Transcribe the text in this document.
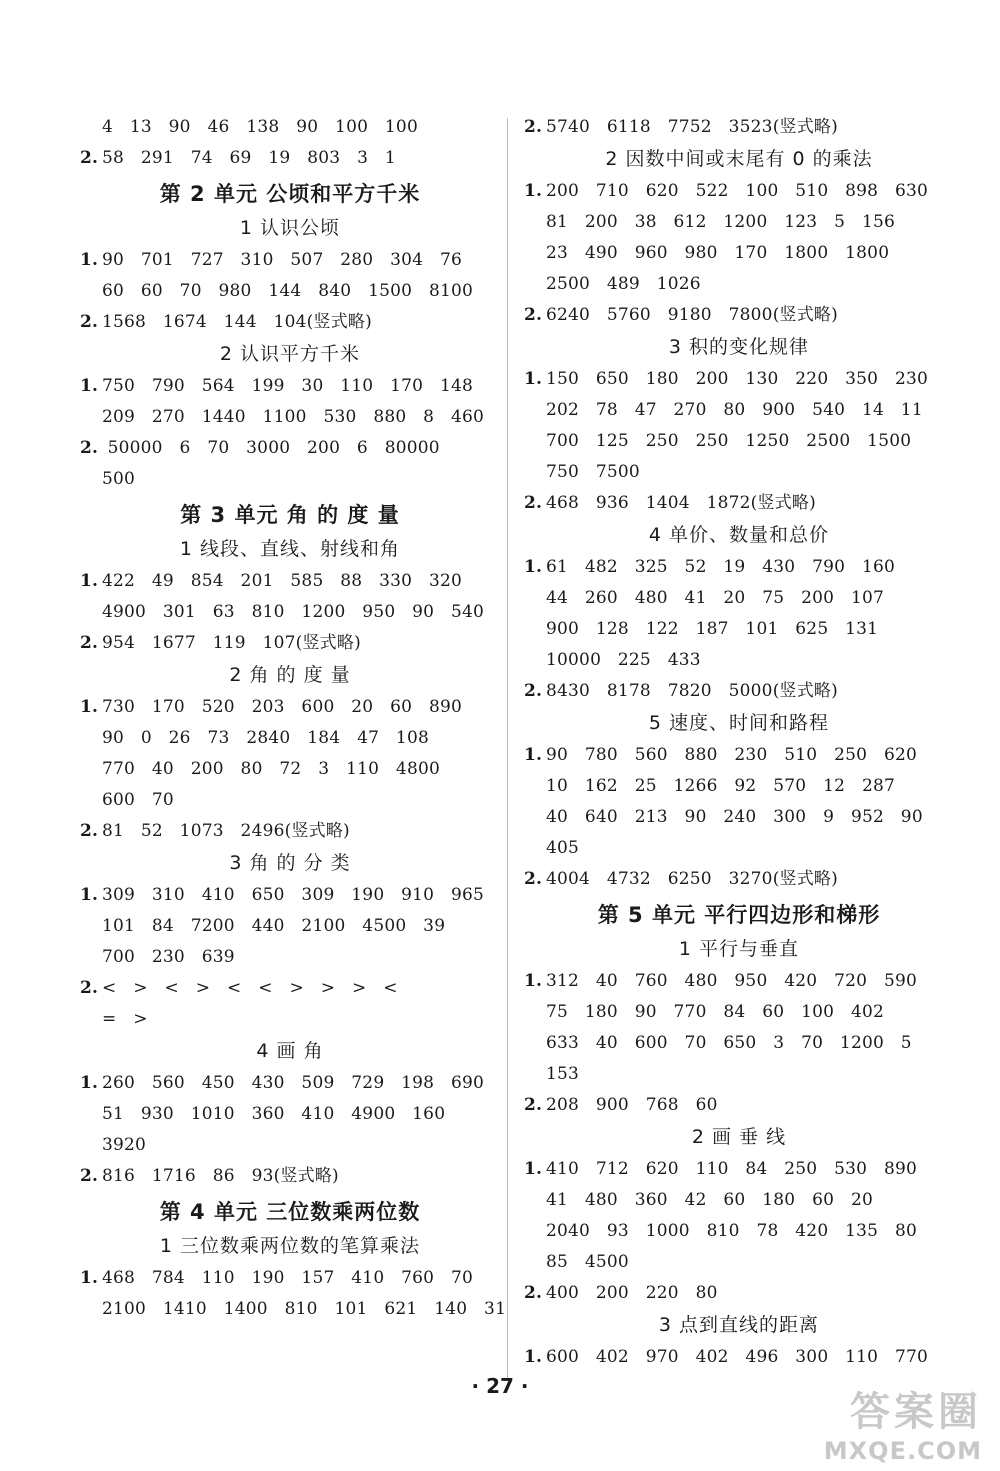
4   13   90   46   138   90   100   100
2. 58   291   74   69   19   803   3   1
第 2 单元 公顷和平方千米
1 认识公顷
1. 90   701   727   310   507   280   304   76
60   60   70   980   144   840   1500   8100
2. 1568   1674   144   104(竖式略)
2 认识平方千米
1. 750   790   564   199   30   110   170   148
209   270   1440   1100   530   880   8   460
2. 50000   6   70   3000   200   6   80000
500
第 3 单元 角 的 度 量
1 线段、直线、射线和角
1. 422   49   854   201   585   88   330   320
4900   301   63   810   1200   950   90   540
2. 954   1677   119   107(竖式略)
2 角 的 度 量
1. 730   170   520   203   600   20   60   890
90   0   26   73   2840   184   47   108
770   40   200   80   72   3   110   4800
600   70
2. 81   52   1073   2496(竖式略)
3 角 的 分 类
1. 309   310   410   650   309   190   910   965
101   84   7200   440   2100   4500   39
700   230   639
2. <   >   <   >   <   <   >   >   >   <
=   >
4 画 角
1. 260   560   450   430   509   729   198   690
51   930   1010   360   410   4900   160
3920
2. 816   1716   86   93(竖式略)
第 4 单元 三位数乘两位数
1 三位数乘两位数的笔算乘法
1. 468   784   110   190   157   410   760   70
2100   1410   1400   810   101   621   140   31
2. 5740   6118   7752   3523(竖式略)
2 因数中间或末尾有 0 的乘法
1. 200   710   620   522   100   510   898   630
81   200   38   612   1200   123   5   156
23   490   960   980   170   1800   1800
2500   489   1026
2. 6240   5760   9180   7800(竖式略)
3 积的变化规律
1. 150   650   180   200   130   220   350   230
202   78   47   270   80   900   540   14   11
700   125   250   250   1250   2500   1500
750   7500
2. 468   936   1404   1872(竖式略)
4 单价、数量和总价
1. 61   482   325   52   19   430   790   160
44   260   480   41   20   75   200   107
900   128   122   187   101   625   131
10000   225   433
2. 8430   8178   7820   5000(竖式略)
5 速度、时间和路程
1. 90   780   560   880   230   510   250   620
10   162   25   1266   92   570   12   287
40   640   213   90   240   300   9   952   90
405
2. 4004   4732   6250   3270(竖式略)
第 5 单元 平行四边形和梯形
1 平行与垂直
1. 312   40   760   480   950   420   720   590
75   180   90   770   84   60   100   402
633   40   600   70   650   3   70   1200   5
153
2. 208   900   768   60
2 画 垂 线
1. 410   712   620   110   84   250   530   890
41   480   360   42   60   180   60   20
2040   93   1000   810   78   420   135   80
85   4500
2. 400   200   220   80
3 点到直线的距离
1. 600   402   970   402   496   300   110   770
· 27 ·
答案圈
MXQE.COM
